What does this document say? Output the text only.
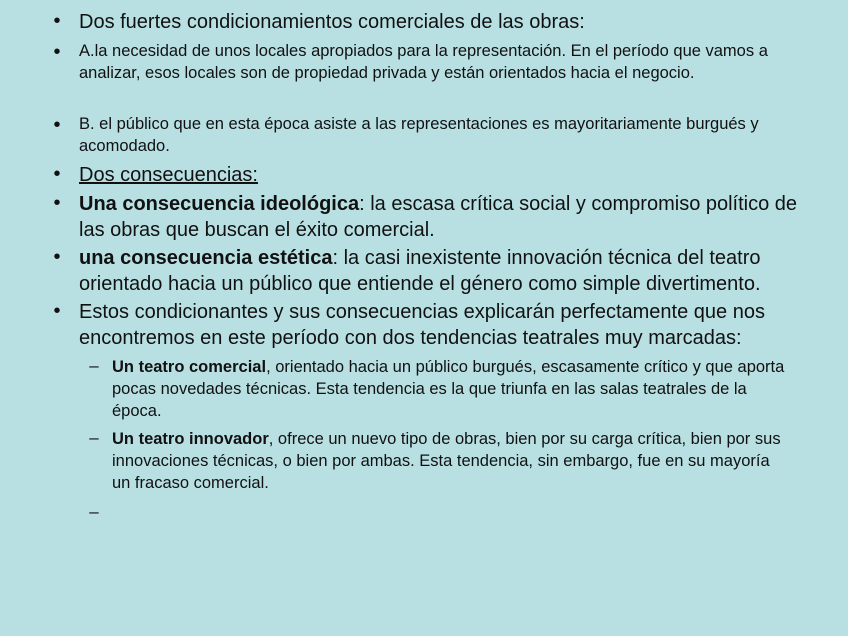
• Dos fuertes condicionamientos comerciales de las obras:
• A.la necesidad de unos locales apropiados para la representación. En el período que vamos a analizar, esos locales son de propiedad privada y están orientados hacia el negocio.
• B. el público que en esta época asiste a las representaciones es mayoritariamente burgués y acomodado.
• Dos consecuencias:
• Una consecuencia ideológica: la escasa crítica social y compromiso político de las obras que buscan el éxito comercial.
• una consecuencia estética: la casi inexistente innovación técnica del teatro orientado hacia un público que entiende el género como simple divertimento.
• Estos condicionantes y sus consecuencias explicarán perfectamente que nos encontremos en este período con dos tendencias teatrales muy marcadas:
– Un teatro comercial, orientado hacia un público burgués, escasamente crítico y que aporta pocas novedades técnicas. Esta tendencia es la que triunfa en las salas teatrales de la época.
– Un teatro innovador, ofrece un nuevo tipo de obras, bien por su carga crítica, bien por sus innovaciones técnicas, o bien por ambas. Esta tendencia, sin embargo, fue en su mayoría un fracaso comercial.
–
